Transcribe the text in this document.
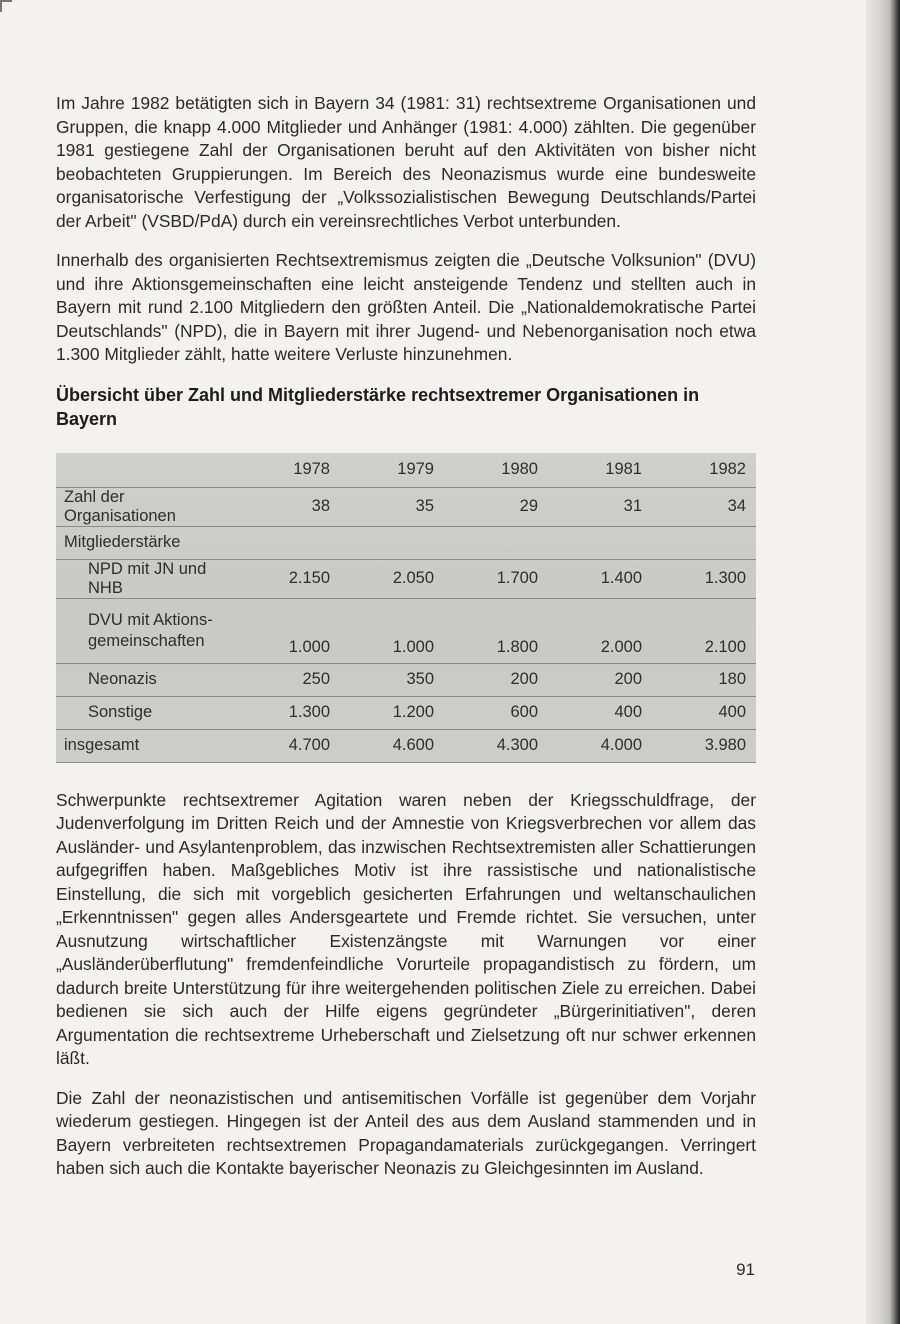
Im Jahre 1982 betätigten sich in Bayern 34 (1981: 31) rechtsextreme Organisationen und Gruppen, die knapp 4.000 Mitglieder und Anhänger (1981: 4.000) zählten. Die gegenüber 1981 gestiegene Zahl der Organisationen beruht auf den Aktivitäten von bisher nicht beobachteten Gruppierungen. Im Bereich des Neonazismus wurde eine bundesweite organisatorische Verfestigung der „Volkssozialistischen Bewegung Deutschlands/Partei der Arbeit" (VSBD/PdA) durch ein vereinsrechtliches Verbot unterbunden.

Innerhalb des organisierten Rechtsextremismus zeigten die „Deutsche Volksunion" (DVU) und ihre Aktionsgemeinschaften eine leicht ansteigende Tendenz und stellten auch in Bayern mit rund 2.100 Mitgliedern den größten Anteil. Die „Nationaldemokratische Partei Deutschlands" (NPD), die in Bayern mit ihrer Jugend- und Nebenorganisation noch etwa 1.300 Mitglieder zählt, hatte weitere Verluste hinzunehmen.

Übersicht über Zahl und Mitgliederstärke rechtsextremer Organisationen in Bayern
	1978	1979	1980	1981	1982
Zahl der Organisationen	38	35	29	31	34
Mitgliederstärke					
NPD mit JN und NHB	2.150	2.050	1.700	1.400	1.300
DVU mit Aktions-
gemeinschaften	1.000	1.000	1.800	2.000	2.100
Neonazis	250	350	200	200	180
Sonstige	1.300	1.200	600	400	400
insgesamt	4.700	4.600	4.300	4.000	3.980

Schwerpunkte rechtsextremer Agitation waren neben der Kriegsschuldfrage, der Judenverfolgung im Dritten Reich und der Amnestie von Kriegsverbrechen vor allem das Ausländer- und Asylantenproblem, das inzwischen Rechtsextremisten aller Schattierungen aufgegriffen haben. Maßgebliches Motiv ist ihre rassistische und nationalistische Einstellung, die sich mit vorgeblich gesicherten Erfahrungen und weltanschaulichen „Erkenntnissen" gegen alles Andersgeartete und Fremde richtet. Sie versuchen, unter Ausnutzung wirtschaftlicher Existenzängste mit Warnungen vor einer „Ausländerüberflutung" fremdenfeindliche Vorurteile propagandistisch zu fördern, um dadurch breite Unterstützung für ihre weitergehenden politischen Ziele zu erreichen. Dabei bedienen sie sich auch der Hilfe eigens gegründeter „Bürgerinitiativen", deren Argumentation die rechtsextreme Urheberschaft und Zielsetzung oft nur schwer erkennen läßt.

Die Zahl der neonazistischen und antisemitischen Vorfälle ist gegenüber dem Vorjahr wiederum gestiegen. Hingegen ist der Anteil des aus dem Ausland stammenden und in Bayern verbreiteten rechtsextremen Propagandamaterials zurückgegangen. Verringert haben sich auch die Kontakte bayerischer Neonazis zu Gleichgesinnten im Ausland.

91
